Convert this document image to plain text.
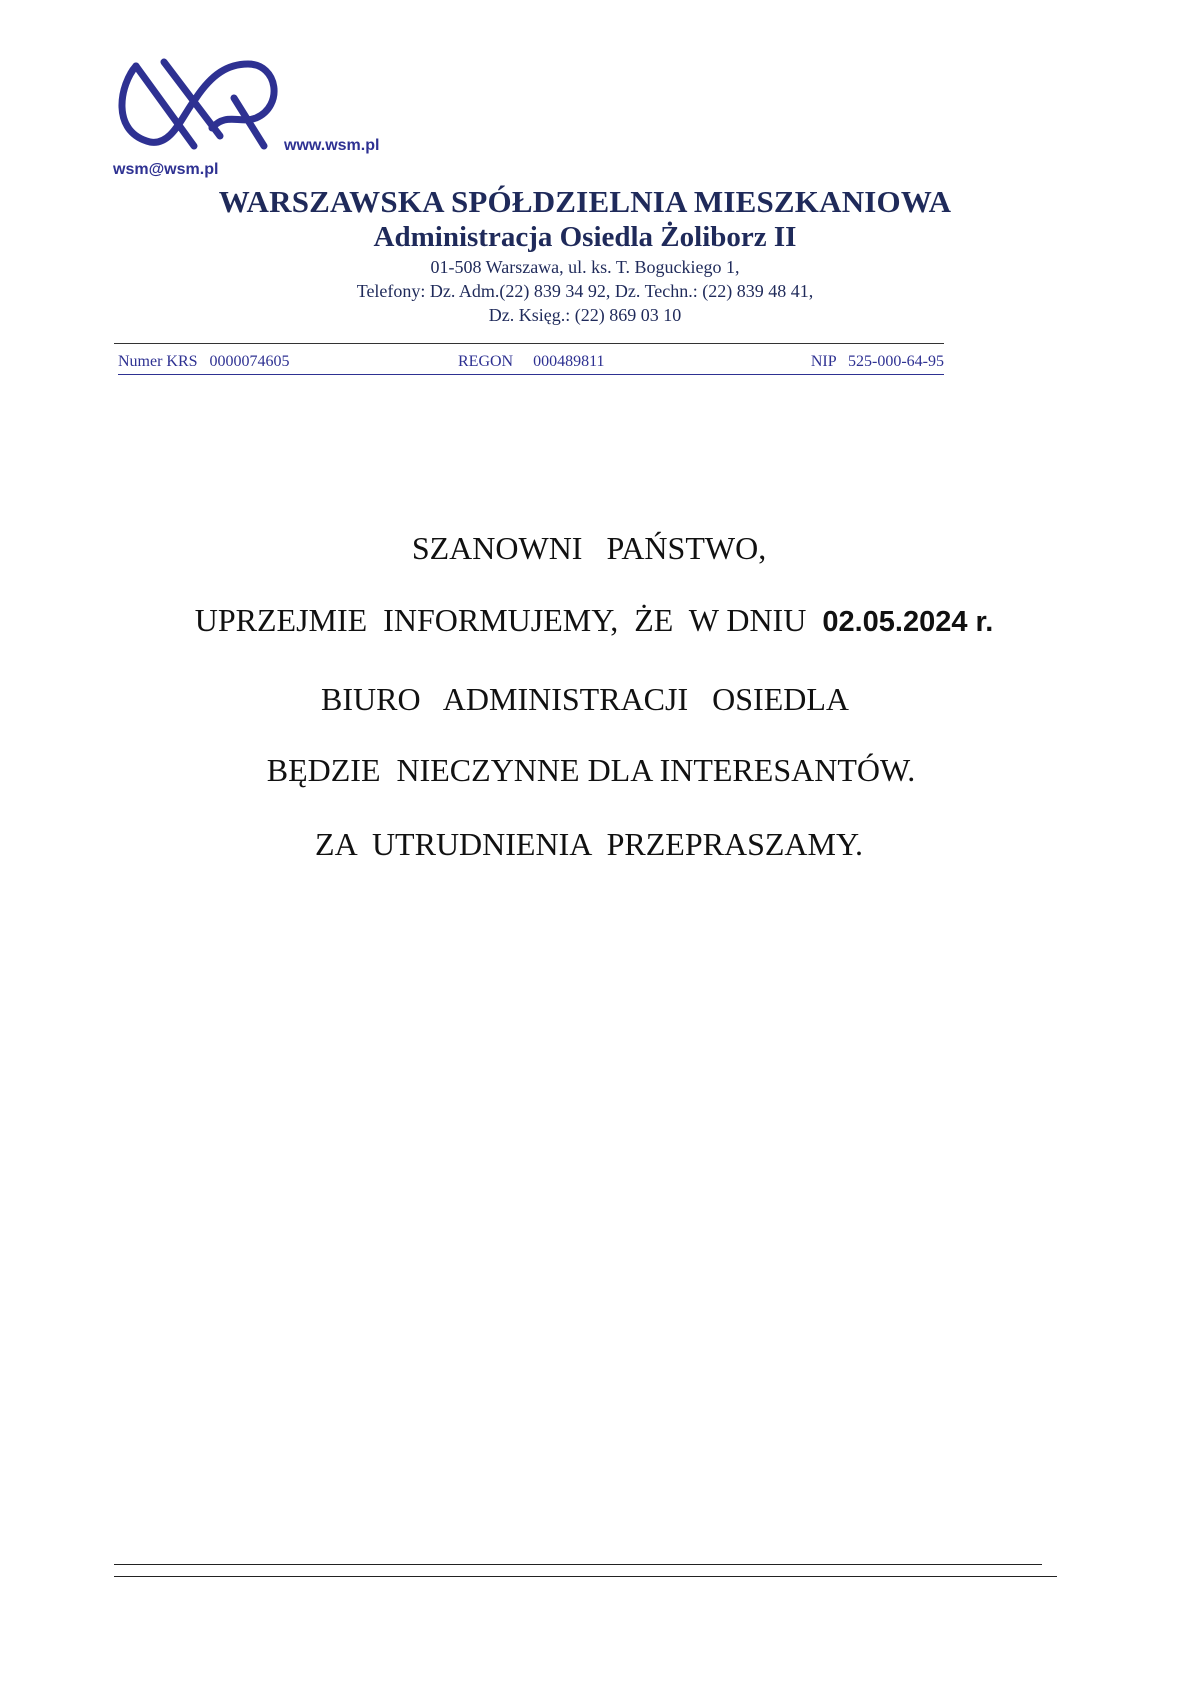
www.wsm.pl
wsm@wsm.pl
WARSZAWSKA SPÓŁDZIELNIA MIESZKANIOWA
Administracja Osiedla Żoliborz II
01-508 Warszawa, ul. ks. T. Boguckiego 1,
Telefony: Dz. Adm.(22) 839 34 92, Dz. Techn.: (22) 839 48 41,
Dz. Księg.: (22) 869 03 10
Numer KRS   0000074605	REGON     000489811	NIP   525-000-64-95
SZANOWNI   PAŃSTWO,
UPRZEJMIE  INFORMUJEMY,  ŻE  W DNIU  02.05.2024 r.
BIURO   ADMINISTRACJI   OSIEDLA
BĘDZIE  NIECZYNNE DLA INTERESANTÓW.
ZA  UTRUDNIENIA  PRZEPRASZAMY.
